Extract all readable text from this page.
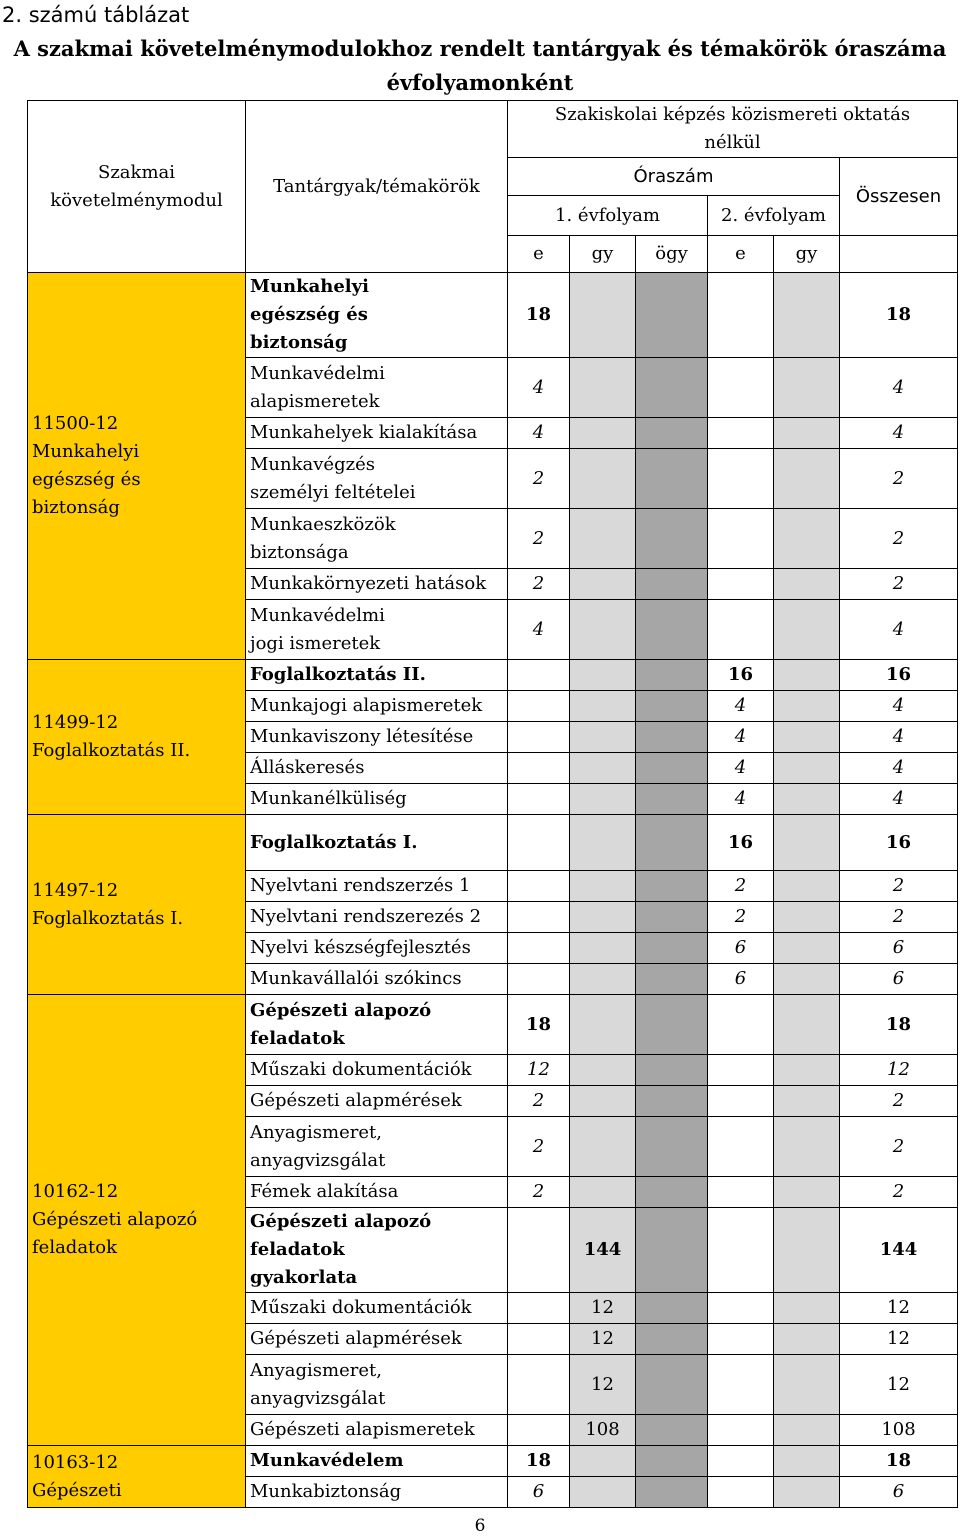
2. számú táblázat
A szakmai követelménymodulokhoz rendelt tantárgyak és témakörök óraszáma
évfolyamonként
Szakmai követelménymodul	Tantárgyak/témakörök	Szakiskolai képzés közismereti oktatás nélkül					
		Óraszám					Összesen
		1. évfolyam			2. évfolyam		
		e	gy	ögy	e	gy	

11500-12
Munkahelyi egészség és biztonság	Munkahelyi egészség és biztonság	18					18
	Munkavédelmi alapismeretek	4					4
	Munkahelyek kialakítása	4					4
	Munkavégzés személyi feltételei	2					2
	Munkaeszközök biztonsága	2					2
	Munkakörnyezeti hatások	2					2
	Munkavédelmi jogi ismeretek	4					4

11499-12
Foglalkoztatás II.	Foglalkoztatás II.				16		16
	Munkajogi alapismeretek				4		4
	Munkaviszony létesítése				4		4
	Álláskeresés				4		4
	Munkanélküliség				4		4

11497-12
Foglalkoztatás I.	Foglalkoztatás I.				16		16
	Nyelvtani rendszerzés 1				2		2
	Nyelvtani rendszerezés 2				2		2
	Nyelvi készségfejlesztés				6		6
	Munkavállalói szókincs				6		6

10162-12
Gépészeti alapozó feladatok	Gépészeti alapozó feladatok	18					18
	Műszaki dokumentációk	12					12
	Gépészeti alapmérések	2					2
	Anyagismeret, anyagvizsgálat	2					2
	Fémek alakítása	2					2
	Gépészeti alapozó feladatok gyakorlata		144				144
	Műszaki dokumentációk		12				12
	Gépészeti alapmérések		12				12
	Anyagismeret, anyagvizsgálat		12				12
	Gépészeti alapismeretek		108				108

10163-12
Gépészeti	Munkavédelem	18					18
	Munkabiztonság	6					6
6
